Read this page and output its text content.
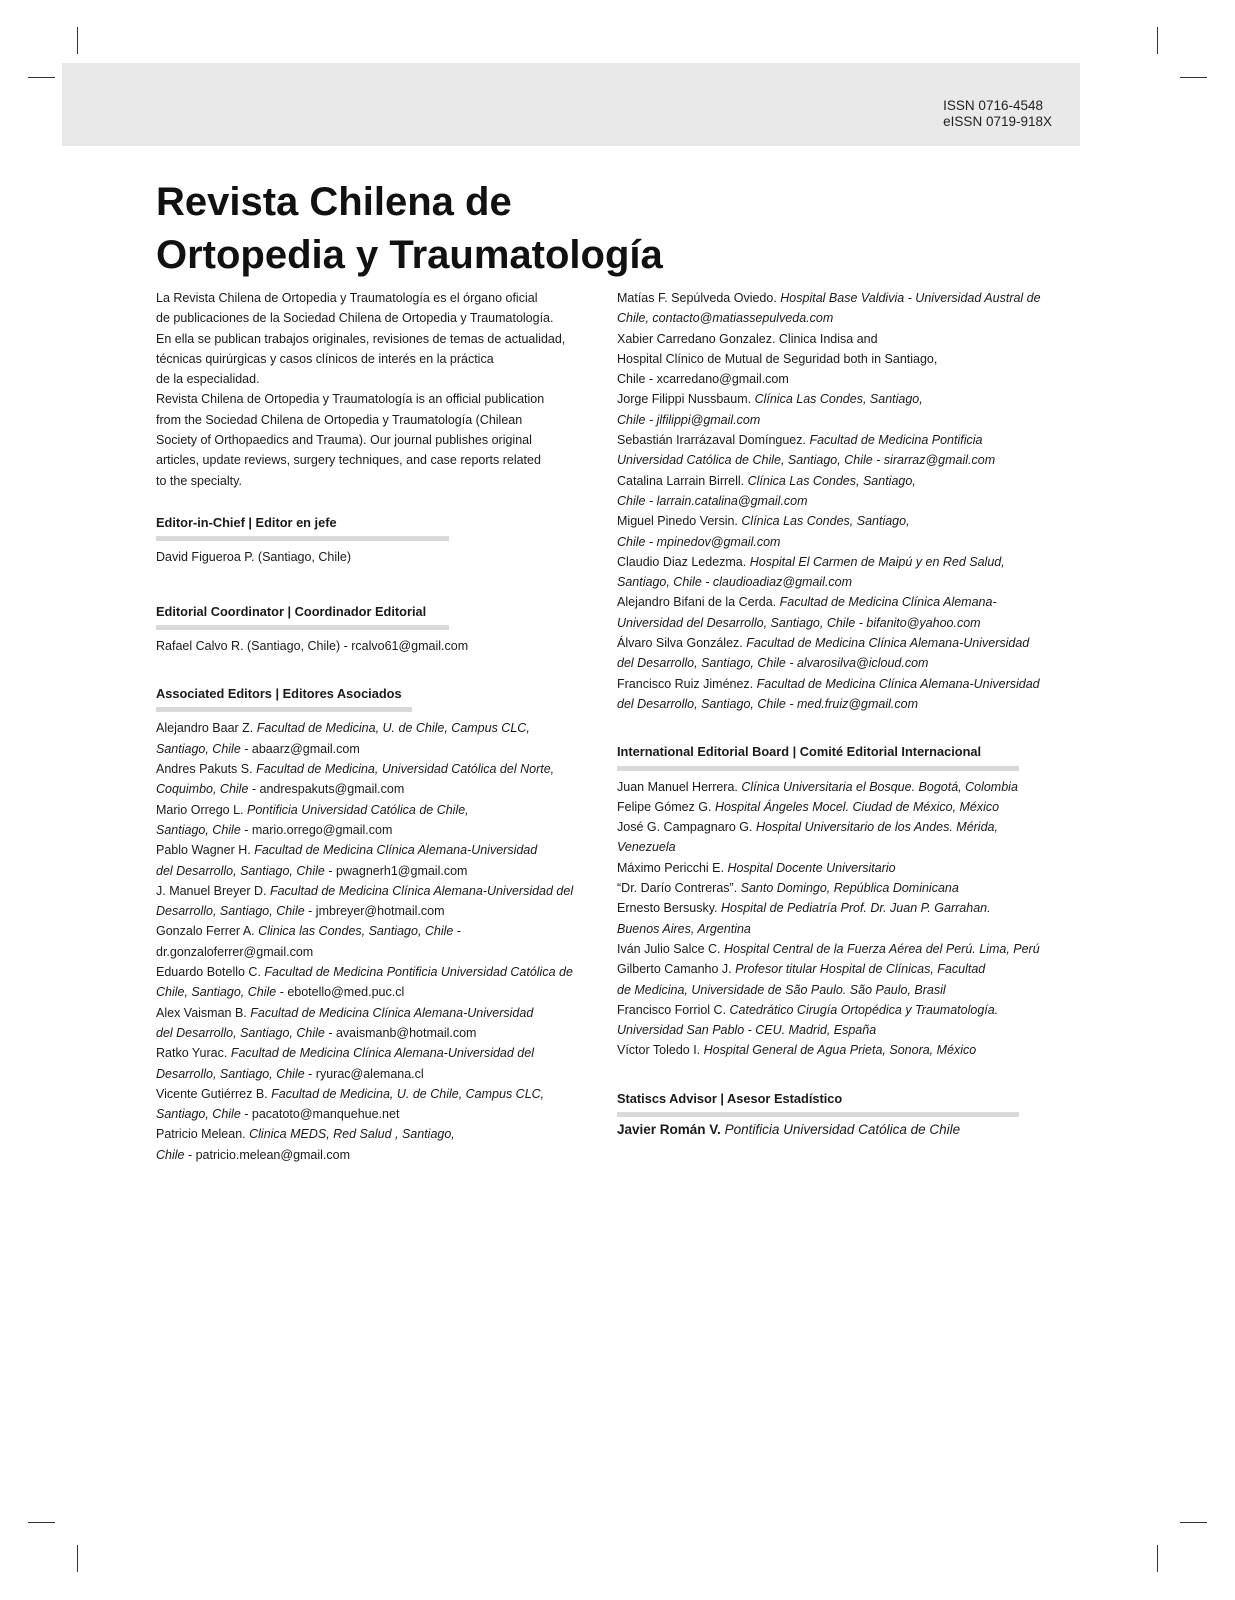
ISSN 0716-4548
eISSN 0719-918X
Revista Chilena de
Ortopedia y Traumatología
La Revista Chilena de Ortopedia y Traumatología es el órgano oficial
de publicaciones de la Sociedad Chilena de Ortopedia y Traumatología.
En ella se publican trabajos originales, revisiones de temas de actualidad,
técnicas quirúrgicas y casos clínicos de interés en la práctica
de la especialidad.
Revista Chilena de Ortopedia y Traumatología is an official publication
from the Sociedad Chilena de Ortopedia y Traumatología (Chilean
Society of Orthopaedics and Trauma). Our journal publishes original
articles, update reviews, surgery techniques, and case reports related
to the specialty.
Editor-in-Chief | Editor en jefe
David Figueroa P. (Santiago, Chile)
Editorial Coordinator | Coordinador Editorial
Rafael Calvo R. (Santiago, Chile) - rcalvo61@gmail.com
Associated Editors | Editores Asociados
Alejandro Baar Z. Facultad de Medicina, U. de Chile, Campus CLC,
Santiago, Chile - abaarz@gmail.com
Andres Pakuts S. Facultad de Medicina, Universidad Católica del Norte,
Coquimbo, Chile - andrespakuts@gmail.com
Mario Orrego L. Pontificia Universidad Católica de Chile,
Santiago, Chile - mario.orrego@gmail.com
Pablo Wagner H. Facultad de Medicina Clínica Alemana-Universidad
del Desarrollo, Santiago, Chile - pwagnerh1@gmail.com
J. Manuel Breyer D. Facultad de Medicina Clínica Alemana-Universidad del
Desarrollo, Santiago, Chile - jmbreyer@hotmail.com
Gonzalo Ferrer A. Clinica las Condes, Santiago, Chile -
dr.gonzaloferrer@gmail.com
Eduardo Botello C. Facultad de Medicina Pontificia Universidad Católica de
Chile, Santiago, Chile - ebotello@med.puc.cl
Alex Vaisman B. Facultad de Medicina Clínica Alemana-Universidad
del Desarrollo, Santiago, Chile - avaismanb@hotmail.com
Ratko Yurac. Facultad de Medicina Clínica Alemana-Universidad del
Desarrollo, Santiago, Chile - ryurac@alemana.cl
Vicente Gutiérrez B. Facultad de Medicina, U. de Chile, Campus CLC,
Santiago, Chile - pacatoto@manquehue.net
Patricio Melean. Clinica MEDS, Red Salud , Santiago,
Chile - patricio.melean@gmail.com
Matías F. Sepúlveda Oviedo. Hospital Base Valdivia - Universidad Austral de
Chile, contacto@matiassepulveda.com
Xabier Carredano Gonzalez. Clinica Indisa and
Hospital Clínico de Mutual de Seguridad both in Santiago,
Chile - xcarredano@gmail.com
Jorge Filippi Nussbaum. Clínica Las Condes, Santiago,
Chile - jlfilippi@gmail.com
Sebastián Irarrázaval Domínguez. Facultad de Medicina Pontificia
Universidad Católica de Chile, Santiago, Chile - sirarraz@gmail.com
Catalina Larrain Birrell. Clínica Las Condes, Santiago,
Chile - larrain.catalina@gmail.com
Miguel Pinedo Versin. Clínica Las Condes, Santiago,
Chile - mpinedov@gmail.com
Claudio Diaz Ledezma. Hospital El Carmen de Maipú y en Red Salud,
Santiago, Chile - claudioadiaz@gmail.com
Alejandro Bifani de la Cerda. Facultad de Medicina Clínica Alemana-
Universidad del Desarrollo, Santiago, Chile - bifanito@yahoo.com
Álvaro Silva González. Facultad de Medicina Clínica Alemana-Universidad
del Desarrollo, Santiago, Chile - alvarosilva@icloud.com
Francisco Ruiz Jiménez. Facultad de Medicina Clínica Alemana-Universidad
del Desarrollo, Santiago, Chile - med.fruiz@gmail.com
International Editorial Board | Comité Editorial Internacional
Juan Manuel Herrera. Clínica Universitaria el Bosque. Bogotá, Colombia
Felipe Gómez G. Hospital Ángeles Mocel. Ciudad de México, México
José G. Campagnaro G. Hospital Universitario de los Andes. Mérida,
Venezuela
Máximo Pericchi E. Hospital Docente Universitario
“Dr. Darío Contreras”. Santo Domingo, República Dominicana
Ernesto Bersusky. Hospital de Pediatría Prof. Dr. Juan P. Garrahan.
Buenos Aires, Argentina
Iván Julio Salce C. Hospital Central de la Fuerza Aérea del Perú. Lima, Perú
Gilberto Camanho J. Profesor titular Hospital de Clínicas, Facultad
de Medicina, Universidade de São Paulo. São Paulo, Brasil
Francisco Forriol C. Catedrático Cirugía Ortopédica y Traumatología.
Universidad San Pablo - CEU. Madrid, España
Víctor Toledo I. Hospital General de Agua Prieta, Sonora, México
Statiscs Advisor | Asesor Estadístico
Javier Román V. Pontificia Universidad Católica de Chile
